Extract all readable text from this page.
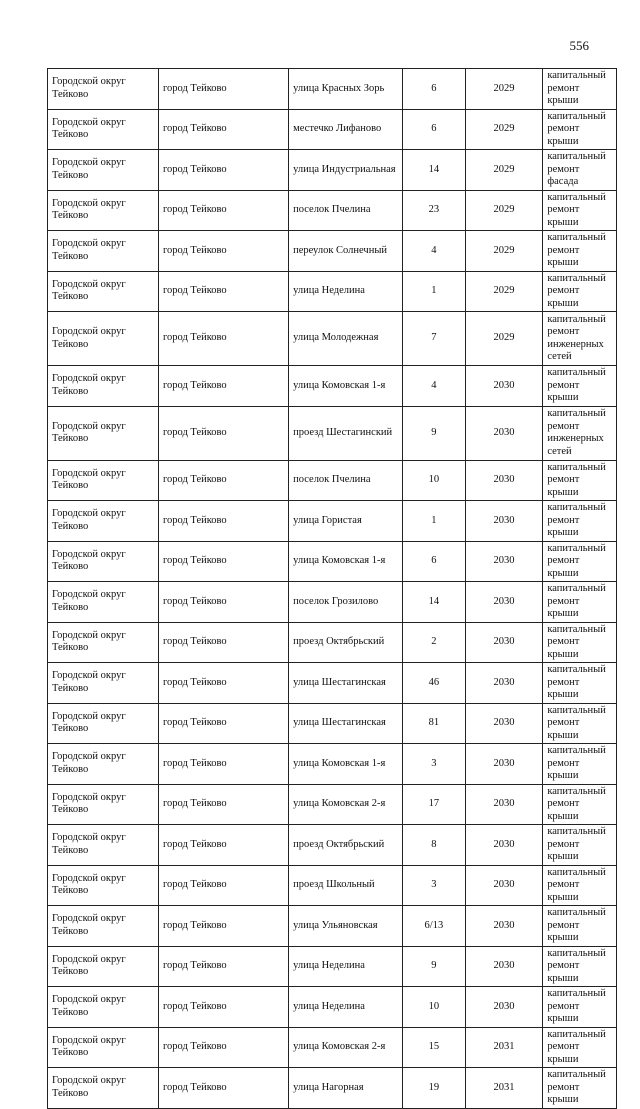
556
Городской округ Тейково	город Тейково	улица Красных Зорь	6	2029	капитальный ремонт крыши
Городской округ Тейково	город Тейково	местечко Лифаново	6	2029	капитальный ремонт крыши
Городской округ Тейково	город Тейково	улица Индустриальная	14	2029	капитальный ремонт фасада
Городской округ Тейково	город Тейково	поселок Пчелина	23	2029	капитальный ремонт крыши
Городской округ Тейково	город Тейково	переулок Солнечный	4	2029	капитальный ремонт крыши
Городской округ Тейково	город Тейково	улица Неделина	1	2029	капитальный ремонт крыши
Городской округ Тейково	город Тейково	улица Молодежная	7	2029	капитальный ремонт инженерных сетей
Городской округ Тейково	город Тейково	улица Комовская 1-я	4	2030	капитальный ремонт крыши
Городской округ Тейково	город Тейково	проезд Шестагинский	9	2030	капитальный ремонт инженерных сетей
Городской округ Тейково	город Тейково	поселок Пчелина	10	2030	капитальный ремонт крыши
Городской округ Тейково	город Тейково	улица Гористая	1	2030	капитальный ремонт крыши
Городской округ Тейково	город Тейково	улица Комовская 1-я	6	2030	капитальный ремонт крыши
Городской округ Тейково	город Тейково	поселок Грозилово	14	2030	капитальный ремонт крыши
Городской округ Тейково	город Тейково	проезд Октябрьский	2	2030	капитальный ремонт крыши
Городской округ Тейково	город Тейково	улица Шестагинская	46	2030	капитальный ремонт крыши
Городской округ Тейково	город Тейково	улица Шестагинская	81	2030	капитальный ремонт крыши
Городской округ Тейково	город Тейково	улица Комовская 1-я	3	2030	капитальный ремонт крыши
Городской округ Тейково	город Тейково	улица Комовская 2-я	17	2030	капитальный ремонт крыши
Городской округ Тейково	город Тейково	проезд Октябрьский	8	2030	капитальный ремонт крыши
Городской округ Тейково	город Тейково	проезд Школьный	3	2030	капитальный ремонт крыши
Городской округ Тейково	город Тейково	улица Ульяновская	6/13	2030	капитальный ремонт крыши
Городской округ Тейково	город Тейково	улица Неделина	9	2030	капитальный ремонт крыши
Городской округ Тейково	город Тейково	улица Неделина	10	2030	капитальный ремонт крыши
Городской округ Тейково	город Тейково	улица Комовская 2-я	15	2031	капитальный ремонт крыши
Городской округ Тейково	город Тейково	улица Нагорная	19	2031	капитальный ремонт крыши
